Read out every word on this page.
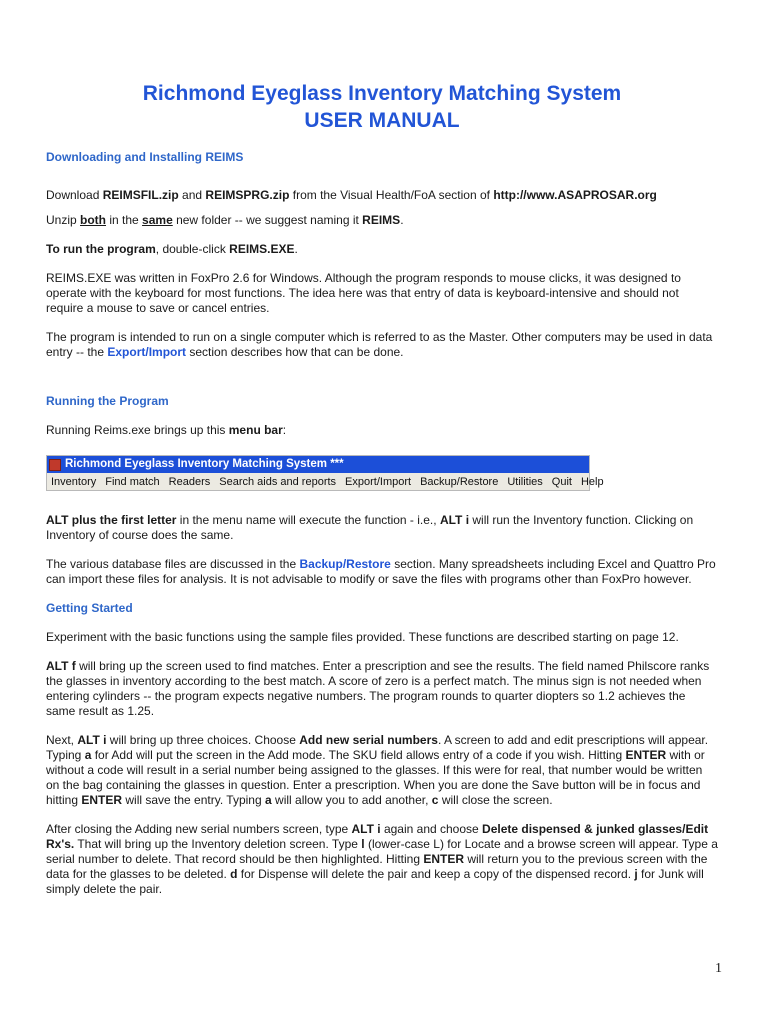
Richmond Eyeglass Inventory Matching System
USER MANUAL
Downloading and Installing REIMS

Download REIMSFIL.zip and REIMSPRG.zip from the Visual Health/FoA section of http://www.ASAPROSAR.org

Unzip both in the same new folder -- we suggest naming it REIMS.

To run the program, double-click REIMS.EXE.

REIMS.EXE was written in FoxPro 2.6 for Windows. Although the program responds to mouse clicks, it was designed to operate with the keyboard for most functions. The idea here was that entry of data is keyboard-intensive and should not require a mouse to save or cancel entries.

The program is intended to run on a single computer which is referred to as the Master. Other computers may be used in data entry -- the Export/Import section describes how that can be done.

Running the Program

Running Reims.exe brings up this menu bar:

Richmond Eyeglass Inventory Matching System ***
Inventory Find match Readers Search aids and reports Export/Import Backup/Restore Utilities Quit Help

ALT plus the first letter in the menu name will execute the function - i.e., ALT i will run the Inventory function. Clicking on Inventory of course does the same.

The various database files are discussed in the Backup/Restore section. Many spreadsheets including Excel and Quattro Pro can import these files for analysis. It is not advisable to modify or save the files with programs other than FoxPro however.

Getting Started

Experiment with the basic functions using the sample files provided. These functions are described starting on page 12.

ALT f will bring up the screen used to find matches. Enter a prescription and see the results. The field named Philscore ranks the glasses in inventory according to the best match. A score of zero is a perfect match. The minus sign is not needed when entering cylinders -- the program expects negative numbers. The program rounds to quarter diopters so 1.2 achieves the same result as 1.25.

Next, ALT i will bring up three choices. Choose Add new serial numbers. A screen to add and edit prescriptions will appear. Typing a for Add will put the screen in the Add mode. The SKU field allows entry of a code if you wish. Hitting ENTER with or without a code will result in a serial number being assigned to the glasses. If this were for real, that number would be written on the bag containing the glasses in question. Enter a prescription. When you are done the Save button will be in focus and hitting ENTER will save the entry. Typing a will allow you to add another, c will close the screen.

After closing the Adding new serial numbers screen, type ALT i again and choose Delete dispensed & junked glasses/Edit Rx's. That will bring up the Inventory deletion screen. Type l (lower-case L) for Locate and a browse screen will appear. Type a serial number to delete. That record should be then highlighted. Hitting ENTER will return you to the previous screen with the data for the glasses to be deleted. d for Dispense will delete the pair and keep a copy of the dispensed record. j for Junk will simply delete the pair.

1
